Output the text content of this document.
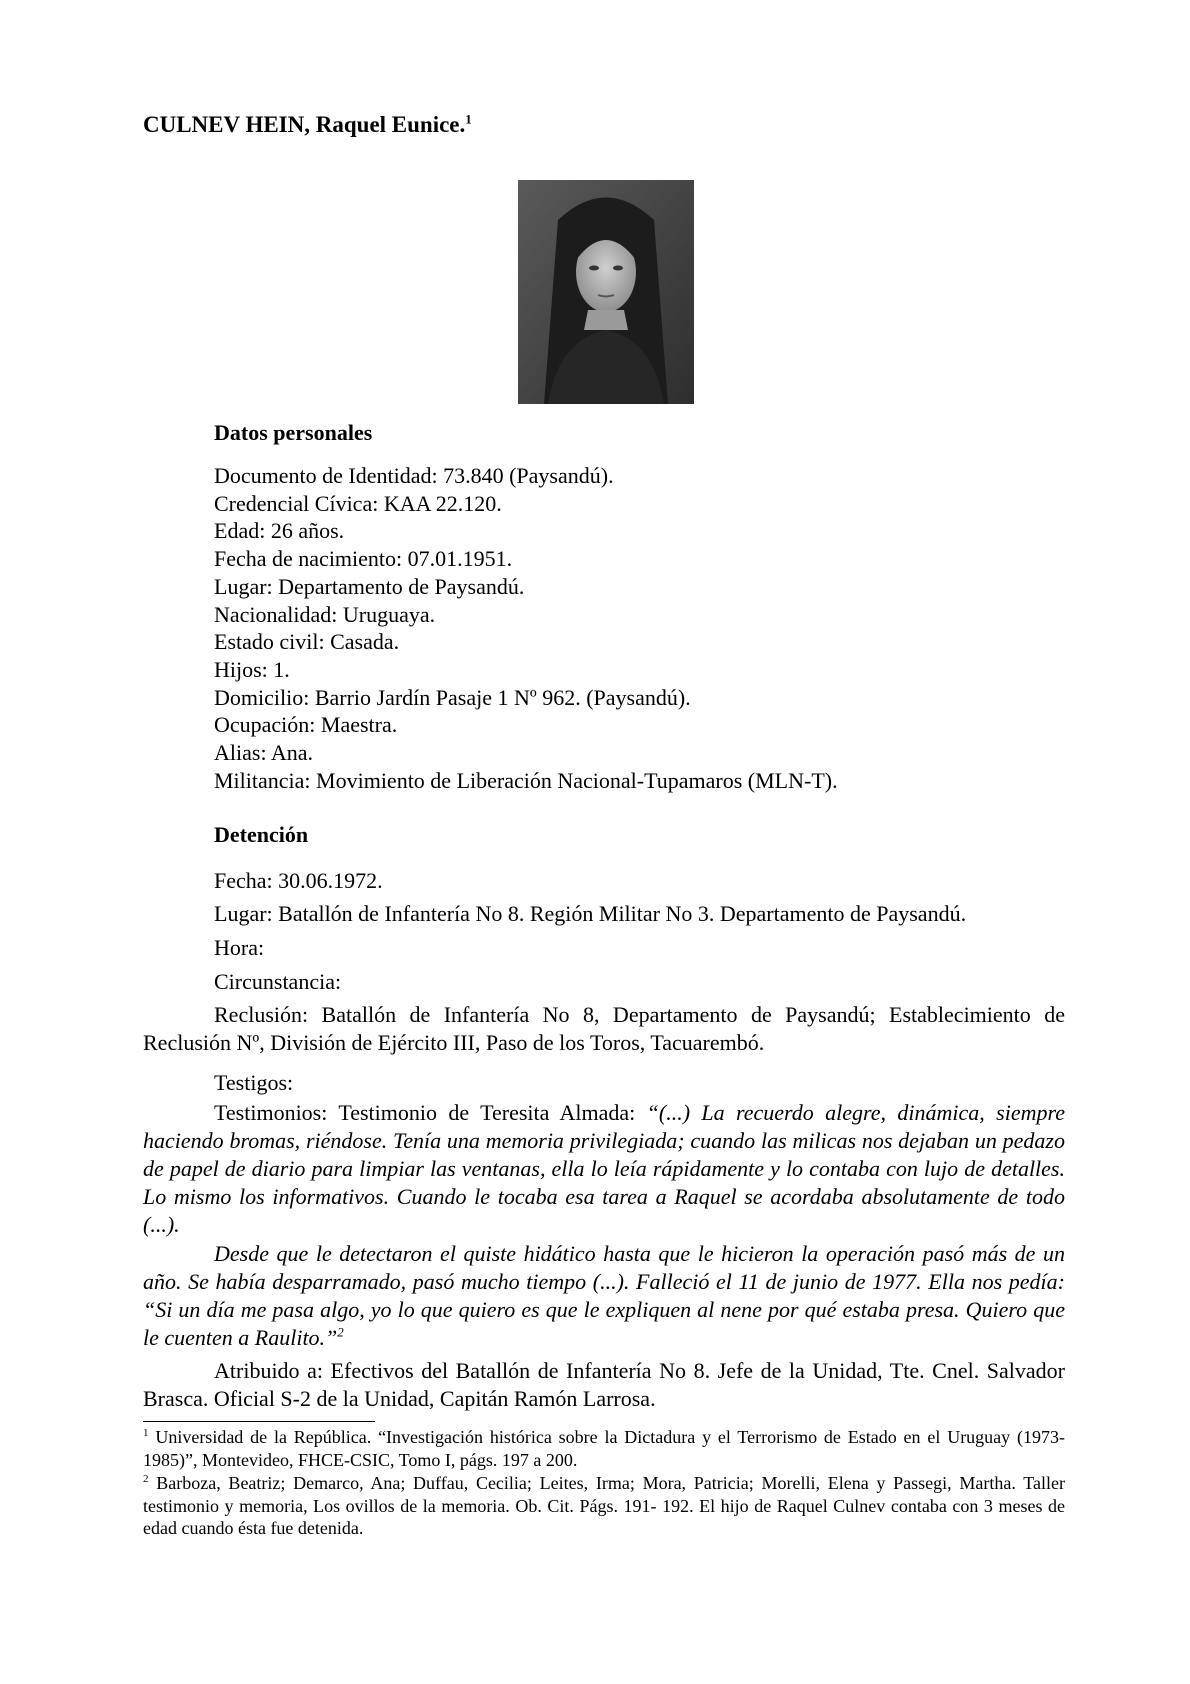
CULNEV HEIN, Raquel Eunice.$^1$
Datos personales
Documento de Identidad: 73.840 (Paysandú).
Credencial Cívica: KAA 22.120.
Edad: 26 años.
Fecha de nacimiento: 07.01.1951.
Lugar: Departamento de Paysandú.
Nacionalidad: Uruguaya.
Estado civil: Casada.
Hijos: 1.
Domicilio: Barrio Jardín Pasaje 1 Nº 962. (Paysandú).
Ocupación: Maestra.
Alias: Ana.
Militancia: Movimiento de Liberación Nacional-Tupamaros (MLN-T).
Detención
Fecha: 30.06.1972.
Lugar: Batallón de Infantería No 8. Región Militar No 3. Departamento de Paysandú.
Hora:
Circunstancia:
Reclusión: Batallón de Infantería No 8, Departamento de Paysandú; Establecimiento de Reclusión Nº, División de Ejército III, Paso de los Toros, Tacuarembó.
Testigos:
Testimonios: Testimonio de Teresita Almada: “(...) La recuerdo alegre, dinámica, siempre haciendo bromas, riéndose. Tenía una memoria privilegiada; cuando las milicas nos dejaban un pedazo de papel de diario para limpiar las ventanas, ella lo leía rápidamente y lo contaba con lujo de detalles. Lo mismo los informativos. Cuando le tocaba esa tarea a Raquel se acordaba absolutamente de todo (...).
Desde que le detectaron el quiste hidático hasta que le hicieron la operación pasó más de un año. Se había desparramado, pasó mucho tiempo (...). Falleció el 11 de junio de 1977. Ella nos pedía: “Si un día me pasa algo, yo lo que quiero es que le expliquen al nene por qué estaba presa. Quiero que le cuenten a Raulito.”$^2$
Atribuido a: Efectivos del Batallón de Infantería No 8. Jefe de la Unidad, Tte. Cnel. Salvador Brasca. Oficial S-2 de la Unidad, Capitán Ramón Larrosa.
$^1$ Universidad de la República. “Investigación histórica sobre la Dictadura y el Terrorismo de Estado en el Uruguay (1973-1985)”, Montevideo, FHCE-CSIC, Tomo I, págs. 197 a 200.
$^2$ Barboza, Beatriz; Demarco, Ana; Duffau, Cecilia; Leites, Irma; Mora, Patricia; Morelli, Elena y Passegi, Martha. Taller testimonio y memoria, Los ovillos de la memoria. Ob. Cit. Págs. 191- 192. El hijo de Raquel Culnev contaba con 3 meses de edad cuando ésta fue detenida.
